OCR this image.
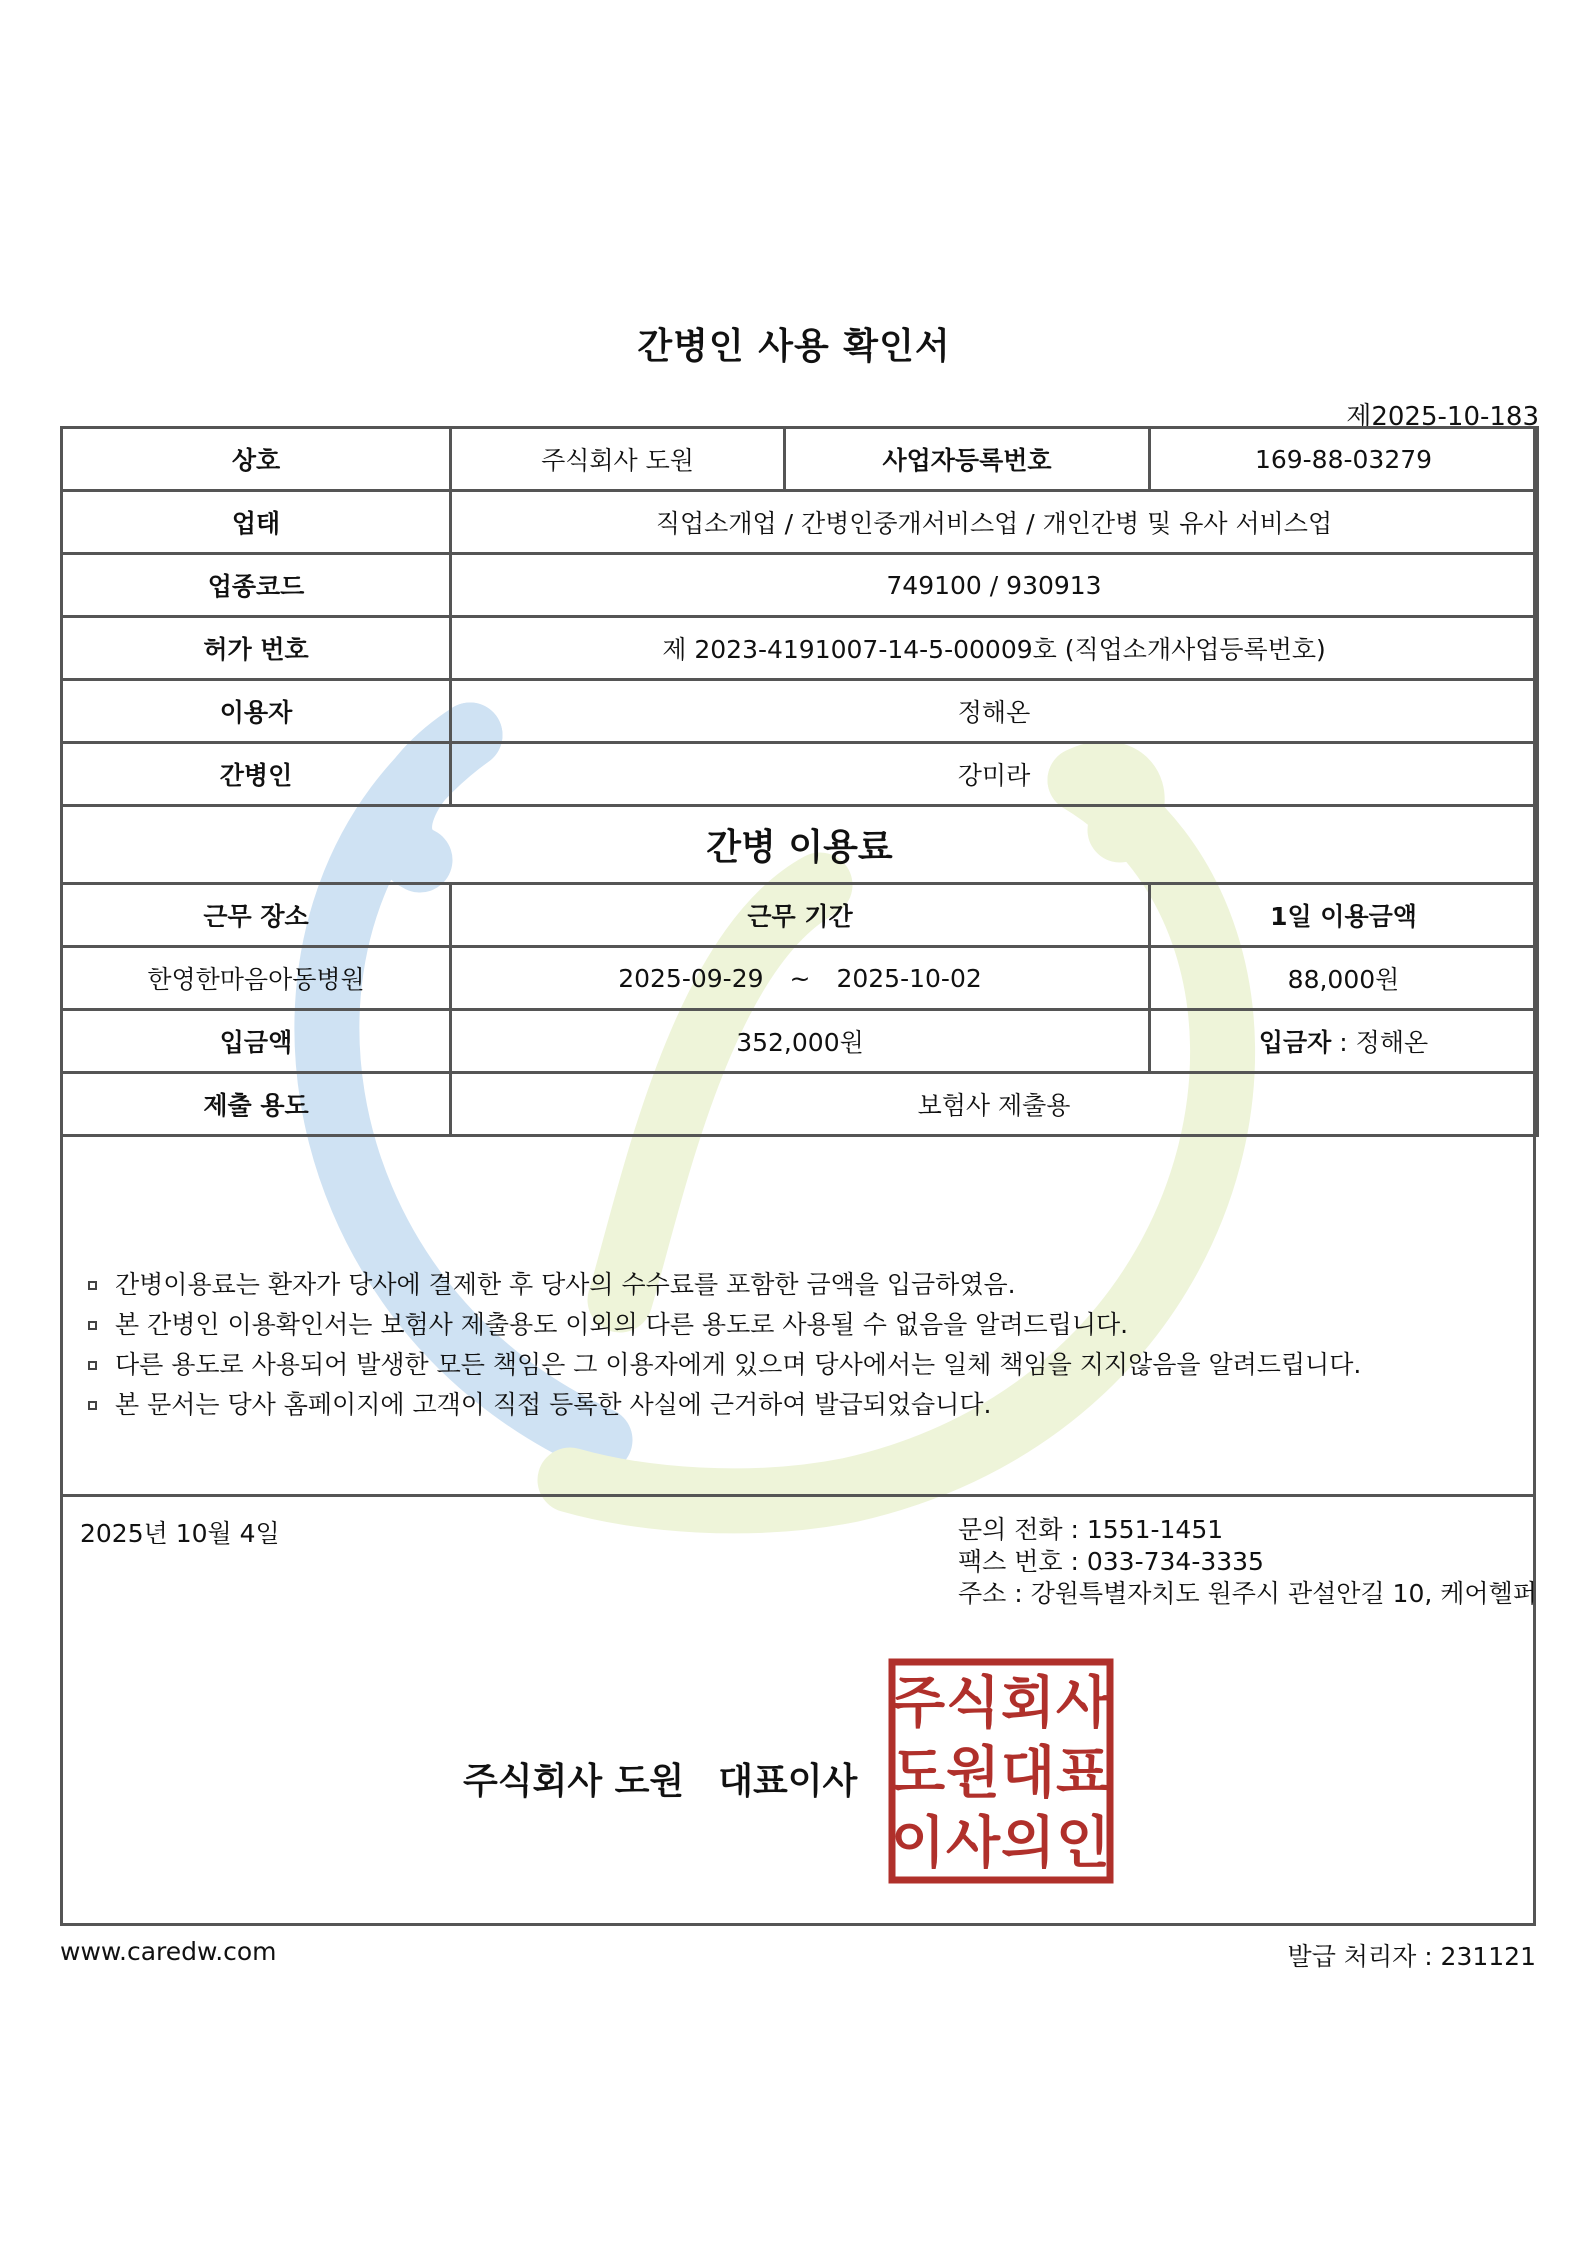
간병인 사용 확인서
제2025-10-183
상호	주식회사 도원	사업자등록번호	169-88-03279
업태	직업소개업 / 간병인중개서비스업 / 개인간병 및 유사 서비스업		
업종코드	749100 / 930913		
허가 번호	제 2023-4191007-14-5-00009호 (직업소개사업등록번호)		
이용자	정해온		
간병인	강미라		
간병 이용료			
근무 장소	근무 기간		1일 이용금액
한영한마음아동병원	2025-09-29 ~ 2025-10-02		88,000원
입금액	352,000원		입금자 : 정해온
제출 용도	보험사 제출용		
간병이용료는 환자가 당사에 결제한 후 당사의 수수료를 포함한 금액을 입금하였음.
본 간병인 이용확인서는 보험사 제출용도 이외의 다른 용도로 사용될 수 없음을 알려드립니다.
다른 용도로 사용되어 발생한 모든 책임은 그 이용자에게 있으며 당사에서는 일체 책임을 지지않음을 알려드립니다.
본 문서는 당사 홈페이지에 고객이 직접 등록한 사실에 근거하여 발급되었습니다.
2025년 10월 4일	문의 전화 : 1551-1451
팩스 번호 : 033-734-3335
주소 : 강원특별자치도 원주시 관설안길 10, 케어헬퍼
주식회사 도원 대표이사
주 식 회 사
도 원 대 표
이 사 의 인
www.caredw.com	발급 처리자 : 231121
